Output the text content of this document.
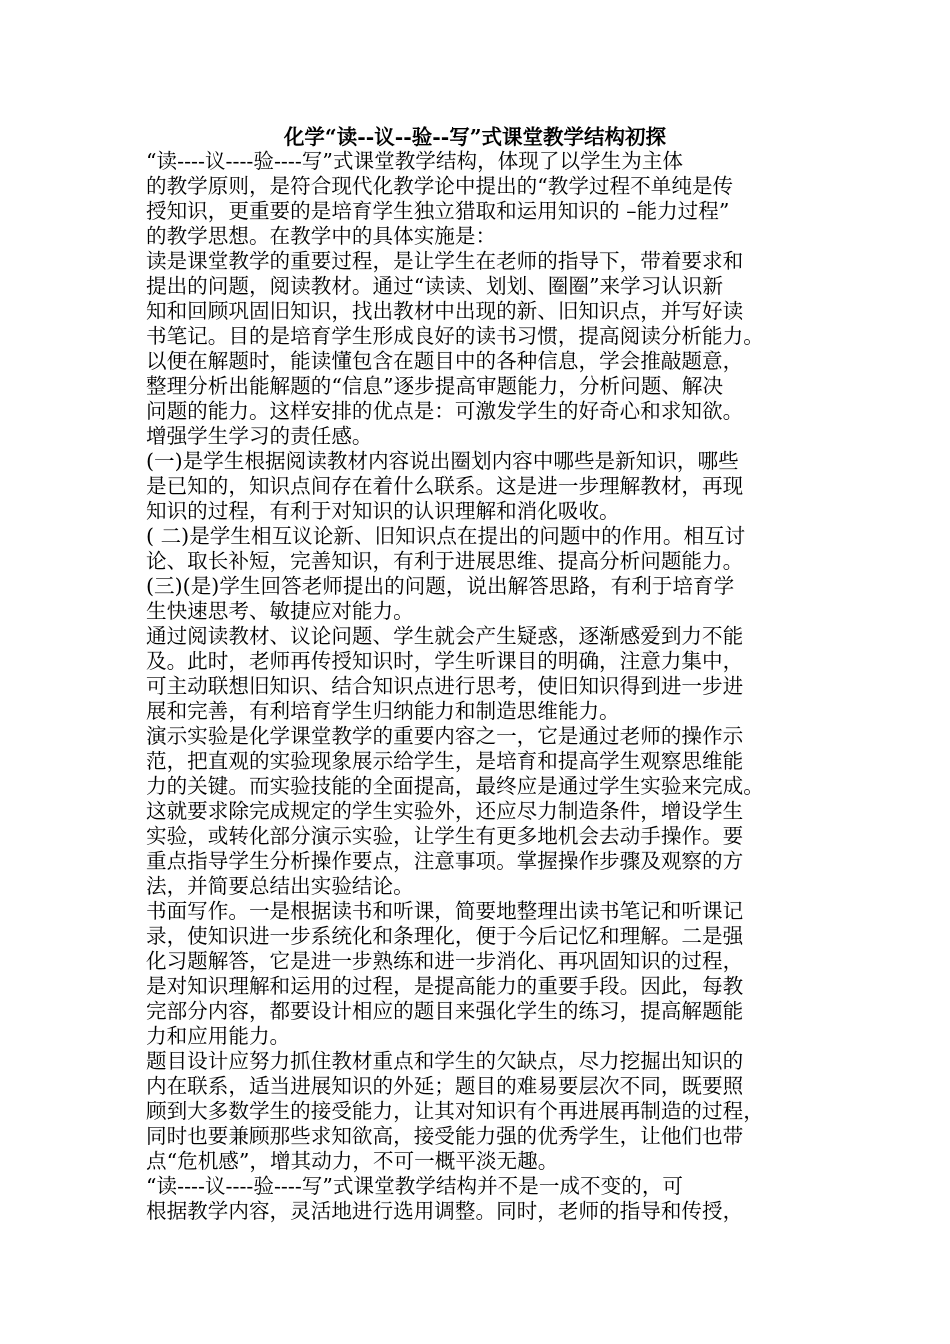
化学“读--议--验--写”式课堂教学结构初探
“读----议----验----写”式课堂教学结构，体现了以学生为主体
的教学原则，是符合现代化教学论中提出的“教学过程不单纯是传
授知识，更重要的是培育学生独立猎取和运用知识的 –能力过程”
的教学思想。在教学中的具体实施是：
读是课堂教学的重要过程，是让学生在老师的指导下，带着要求和
提出的问题，阅读教材。通过“读读、划划、圈圈”来学习认识新
知和回顾巩固旧知识，找出教材中出现的新、旧知识点，并写好读
书笔记。目的是培育学生形成良好的读书习惯，提高阅读分析能力。
以便在解题时，能读懂包含在题目中的各种信息，学会推敲题意，
整理分析出能解题的“信息”逐步提高审题能力，分析问题、解决
问题的能力。这样安排的优点是：可激发学生的好奇心和求知欲。
增强学生学习的责任感。
(一)是学生根据阅读教材内容说出圈划内容中哪些是新知识，哪些
是已知的，知识点间存在着什么联系。这是进一步理解教材，再现
知识的过程，有利于对知识的认识理解和消化吸收。
( 二)是学生相互议论新、旧知识点在提出的问题中的作用。相互讨
论、取长补短，完善知识，有利于进展思维、提高分析问题能力。
(三)(是)学生回答老师提出的问题，说出解答思路，有利于培育学
生快速思考、敏捷应对能力。
通过阅读教材、议论问题、学生就会产生疑惑，逐渐感爱到力不能
及。此时，老师再传授知识时，学生听课目的明确，注意力集中，
可主动联想旧知识、结合知识点进行思考，使旧知识得到进一步进
展和完善，有利培育学生归纳能力和制造思维能力。
演示实验是化学课堂教学的重要内容之一，它是通过老师的操作示
范，把直观的实验现象展示给学生，是培育和提高学生观察思维能
力的关键。而实验技能的全面提高，最终应是通过学生实验来完成。
这就要求除完成规定的学生实验外，还应尽力制造条件，增设学生
实验，或转化部分演示实验，让学生有更多地机会去动手操作。要
重点指导学生分析操作要点，注意事项。掌握操作步骤及观察的方
法，并简要总结出实验结论。
书面写作。一是根据读书和听课，简要地整理出读书笔记和听课记
录，使知识进一步系统化和条理化，便于今后记忆和理解。二是强
化习题解答，它是进一步熟练和进一步消化、再巩固知识的过程，
是对知识理解和运用的过程，是提高能力的重要手段。因此，每教
完部分内容，都要设计相应的题目来强化学生的练习，提高解题能
力和应用能力。
题目设计应努力抓住教材重点和学生的欠缺点，尽力挖掘出知识的
内在联系，适当进展知识的外延；题目的难易要层次不同，既要照
顾到大多数学生的接受能力，让其对知识有个再进展再制造的过程，
同时也要兼顾那些求知欲高，接受能力强的优秀学生，让他们也带
点“危机感”，增其动力，不可一概平淡无趣。
“读----议----验----写”式课堂教学结构并不是一成不变的，可
根据教学内容，灵活地进行选用调整。同时，老师的指导和传授，
